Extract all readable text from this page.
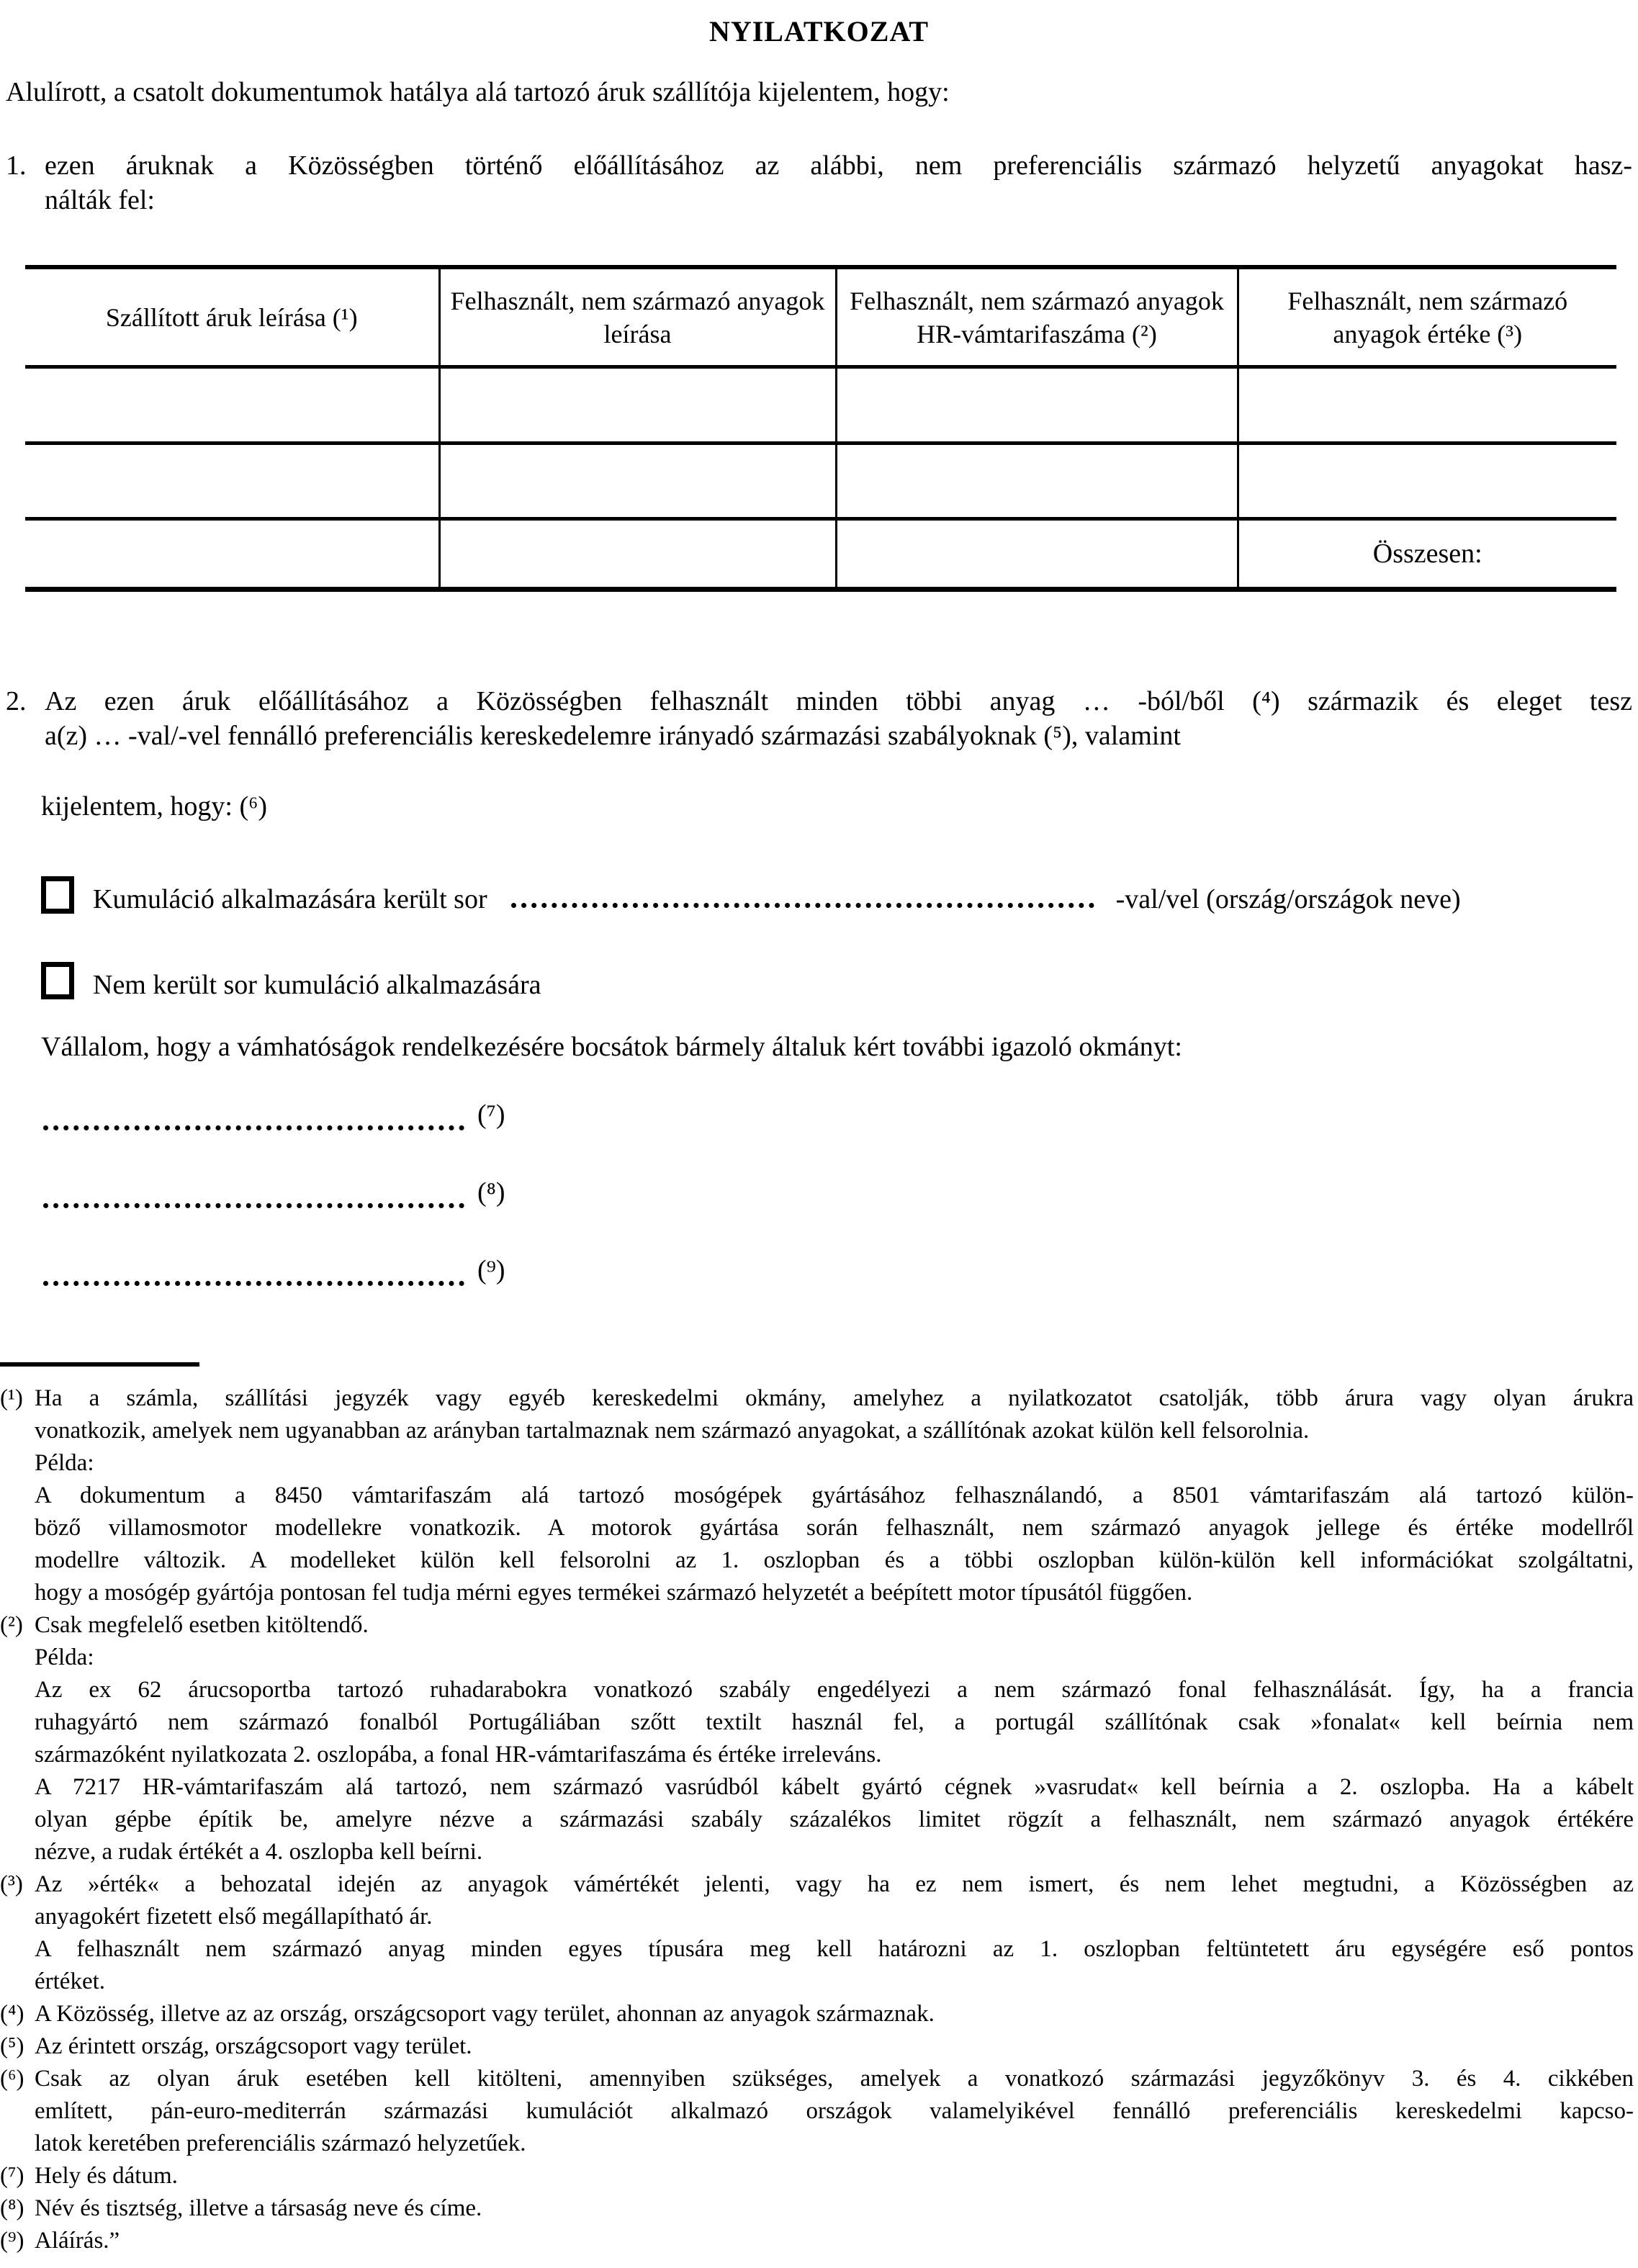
NYILATKOZAT
Alulírott, a csatolt dokumentumok hatálya alá tartozó áruk szállítója kijelentem, hogy:
1. ezen áruknak a Közösségben történő előállításához az alábbi, nem preferenciális származó helyzetű anyagokat hasz-
nálták fel:
Szállított áruk leírása (¹)	Felhasznált, nem származó anyagok leírása	Felhasznált, nem származó anyagok HR-vámtarifaszáma (²)	Felhasznált, nem származó anyagok értéke (³)

			Összesen:
2. Az ezen áruk előállításához a Közösségben felhasznált minden többi anyag … -ból/ből (⁴) származik és eleget tesz
a(z) … -val/-vel fennálló preferenciális kereskedelemre irányadó származási szabályoknak (⁵), valamint
kijelentem, hogy: (⁶)
Kumuláció alkalmazására került sor	-val/vel (ország/országok neve)
Nem került sor kumuláció alkalmazására
Vállalom, hogy a vámhatóságok rendelkezésére bocsátok bármely általuk kért további igazoló okmányt:
(⁷)
(⁸)
(⁹)
(¹) Ha a számla, szállítási jegyzék vagy egyéb kereskedelmi okmány, amelyhez a nyilatkozatot csatolják, több árura vagy olyan árukra
vonatkozik, amelyek nem ugyanabban az arányban tartalmaznak nem származó anyagokat, a szállítónak azokat külön kell felsorolnia.
Példa:
A dokumentum a 8450 vámtarifaszám alá tartozó mosógépek gyártásához felhasználandó, a 8501 vámtarifaszám alá tartozó külön-
böző villamosmotor modellekre vonatkozik. A motorok gyártása során felhasznált, nem származó anyagok jellege és értéke modellről
modellre változik. A modelleket külön kell felsorolni az 1. oszlopban és a többi oszlopban külön-külön kell információkat szolgáltatni,
hogy a mosógép gyártója pontosan fel tudja mérni egyes termékei származó helyzetét a beépített motor típusától függően.
(²) Csak megfelelő esetben kitöltendő.
Példa:
Az ex 62 árucsoportba tartozó ruhadarabokra vonatkozó szabály engedélyezi a nem származó fonal felhasználását. Így, ha a francia
ruhagyártó nem származó fonalból Portugáliában szőtt textilt használ fel, a portugál szállítónak csak »fonalat« kell beírnia nem
származóként nyilatkozata 2. oszlopába, a fonal HR-vámtarifaszáma és értéke irreleváns.
A 7217 HR-vámtarifaszám alá tartozó, nem származó vasrúdból kábelt gyártó cégnek »vasrudat« kell beírnia a 2. oszlopba. Ha a kábelt
olyan gépbe építik be, amelyre nézve a származási szabály százalékos limitet rögzít a felhasznált, nem származó anyagok értékére
nézve, a rudak értékét a 4. oszlopba kell beírni.
(³) Az »érték« a behozatal idején az anyagok vámértékét jelenti, vagy ha ez nem ismert, és nem lehet megtudni, a Közösségben az
anyagokért fizetett első megállapítható ár.
A felhasznált nem származó anyag minden egyes típusára meg kell határozni az 1. oszlopban feltüntetett áru egységére eső pontos
értéket.
(⁴) A Közösség, illetve az az ország, országcsoport vagy terület, ahonnan az anyagok származnak.
(⁵) Az érintett ország, országcsoport vagy terület.
(⁶) Csak az olyan áruk esetében kell kitölteni, amennyiben szükséges, amelyek a vonatkozó származási jegyzőkönyv 3. és 4. cikkében
említett, pán-euro-mediterrán származási kumulációt alkalmazó országok valamelyikével fennálló preferenciális kereskedelmi kapcso-
latok keretében preferenciális származó helyzetűek.
(⁷) Hely és dátum.
(⁸) Név és tisztség, illetve a társaság neve és címe.
(⁹) Aláírás.”
